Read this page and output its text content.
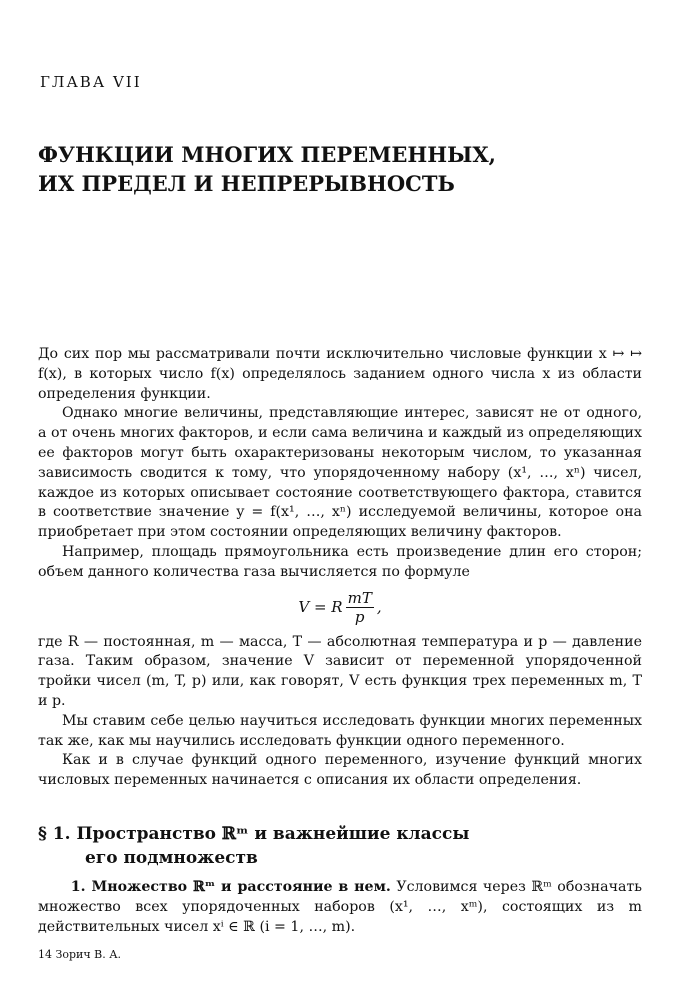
ГЛАВА VII
ФУНКЦИИ МНОГИХ ПЕРЕМЕННЫХ,
ИХ ПРЕДЕЛ И НЕПРЕРЫВНОСТЬ

До сих пор мы рассматривали почти исключительно числовые функции x ↦ ↦ f(x), в которых число f(x) определялось заданием одного числа x из области определения функции.

Однако многие величины, представляющие интерес, зависят не от одного, а от очень многих факторов, и если сама величина и каждый из определяющих ее факторов могут быть охарактеризованы некоторым числом, то указанная зависимость сводится к тому, что упорядоченному набору (x¹, …, xⁿ) чисел, каждое из которых описывает состояние соответствующего фактора, ставится в соответствие значение y = f(x¹, …, xⁿ) исследуемой величины, которое она приобретает при этом состоянии определяющих величину факторов.

Например, площадь прямоугольника есть произведение длин его сторон; объем данного количества газа вычисляется по формуле

V = R $\frac{mT}{p}$ ,

где R — постоянная, m — масса, T — абсолютная температура и p — давление газа. Таким образом, значение V зависит от переменной упорядоченной тройки чисел (m, T, p) или, как говорят, V есть функция трех переменных m, T и p.

Мы ставим себе целью научиться исследовать функции многих переменных так же, как мы научились исследовать функции одного переменного.

Как и в случае функций одного переменного, изучение функций многих числовых переменных начинается с описания их области определения.

§ 1. Пространство ℝᵐ и важнейшие классы
его подмножеств
1. Множество ℝᵐ и расстояние в нем. Условимся через ℝᵐ обозначать множество всех упорядоченных наборов (x¹, …, xᵐ), состоящих из m действительных чисел xⁱ ∈ ℝ (i = 1, …, m).
14 Зорич В. А.
